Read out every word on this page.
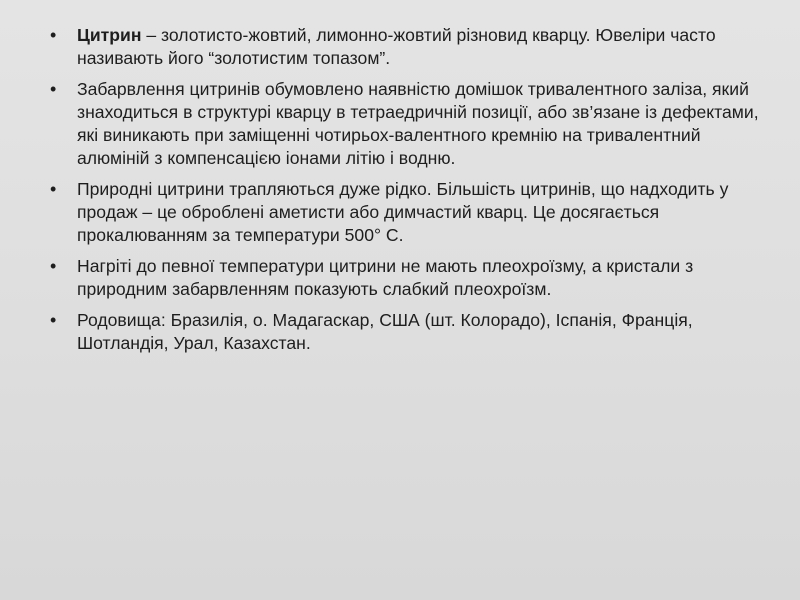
•	Цитрин – золотисто-жовтий, лимонно-жовтий різновид кварцу. Ювеліри часто називають його “золотистим топазом”.
•	Забарвлення цитринів обумовлено наявністю домішок тривалентного заліза, який знаходиться в структурі кварцу в тетраедричній позиції, або зв’язане із дефектами, які виникають при заміщенні чотирьох-валентного кремнію на тривалентний алюміній з компенсацією іонами літію і водню.
•	Природні цитрини трапляються дуже рідко. Більшість цитринів, що надходить у продаж – це оброблені аметисти або димчастий кварц. Це досягається прокалюванням за температури 500° С.
•	Нагріті до певної температури цитрини не мають плеохроїзму, а кристали з природним забарвленням показують слабкий плеохроїзм.
•	Родовища: Бразилія, о. Мадагаскар, США (шт. Колорадо), Іспанія, Франція, Шотландія, Урал, Казахстан.
